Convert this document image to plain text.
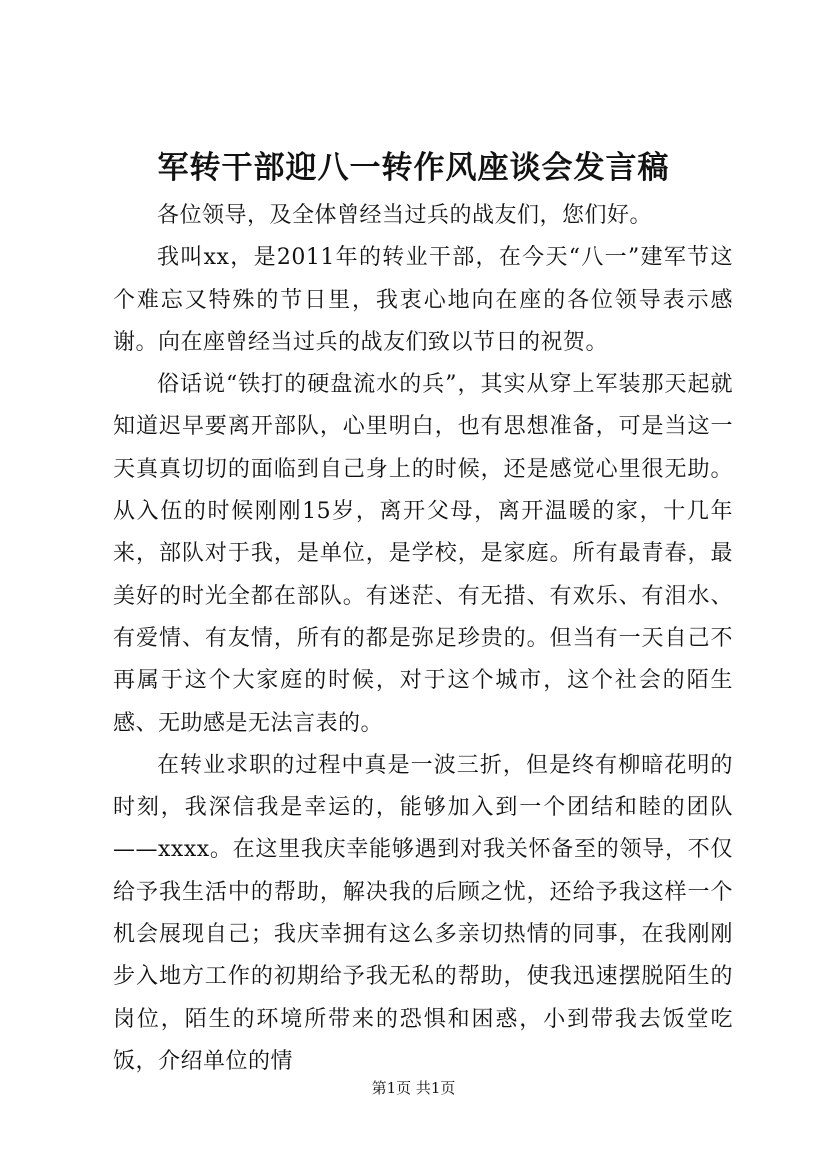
军转干部迎八一转作风座谈会发言稿

各位领导，及全体曾经当过兵的战友们，您们好。

我叫xx，是2011年的转业干部，在今天“八一”建军节这个难忘又特殊的节日里，我衷心地向在座的各位领导表示感谢。向在座曾经当过兵的战友们致以节日的祝贺。

俗话说“铁打的硬盘流水的兵”，其实从穿上军装那天起就知道迟早要离开部队，心里明白，也有思想准备，可是当这一天真真切切的面临到自己身上的时候，还是感觉心里很无助。从入伍的时候刚刚15岁，离开父母，离开温暖的家，十几年来，部队对于我，是单位，是学校，是家庭。所有最青春，最美好的时光全都在部队。有迷茫、有无措、有欢乐、有泪水、有爱情、有友情，所有的都是弥足珍贵的。但当有一天自己不再属于这个大家庭的时候，对于这个城市，这个社会的陌生感、无助感是无法言表的。

在转业求职的过程中真是一波三折，但是终有柳暗花明的时刻，我深信我是幸运的，能够加入到一个团结和睦的团队——xxxx。在这里我庆幸能够遇到对我关怀备至的领导，不仅给予我生活中的帮助，解决我的后顾之忧，还给予我这样一个机会展现自己；我庆幸拥有这么多亲切热情的同事，在我刚刚步入地方工作的初期给予我无私的帮助，使我迅速摆脱陌生的岗位，陌生的环境所带来的恐惧和困惑，小到带我去饭堂吃饭，介绍单位的情

第1页 共1页
